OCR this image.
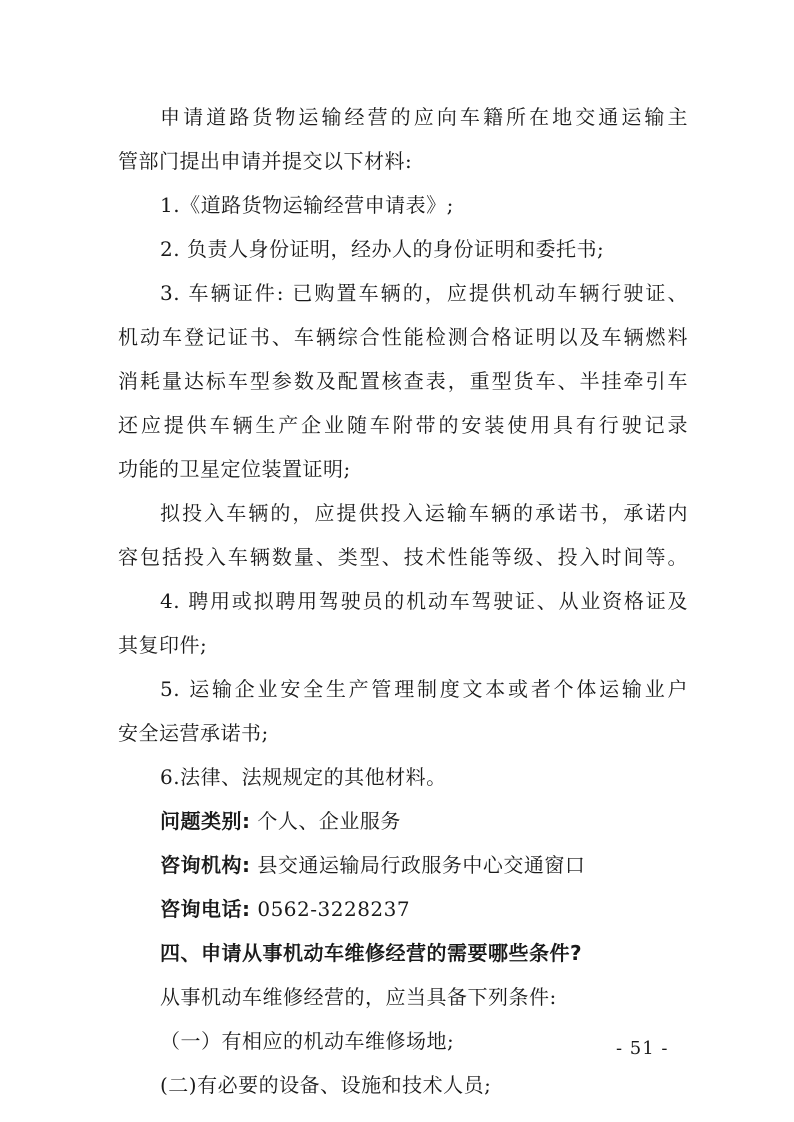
申请道路货物运输经营的应向车籍所在地交通运输主
管部门提出申请并提交以下材料:
1.《道路货物运输经营申请表》;
2. 负责人身份证明，经办人的身份证明和委托书;
3. 车辆证件: 已购置车辆的，应提供机动车辆行驶证、
机动车登记证书、车辆综合性能检测合格证明以及车辆燃料
消耗量达标车型参数及配置核查表，重型货车、半挂牵引车
还应提供车辆生产企业随车附带的安装使用具有行驶记录
功能的卫星定位装置证明;
拟投入车辆的，应提供投入运输车辆的承诺书，承诺内
容包括投入车辆数量、类型、技术性能等级、投入时间等。
4. 聘用或拟聘用驾驶员的机动车驾驶证、从业资格证及
其复印件;
5. 运输企业安全生产管理制度文本或者个体运输业户
安全运营承诺书;
6.法律、法规规定的其他材料。
问题类别: 个人、企业服务
咨询机构: 县交通运输局行政服务中心交通窗口
咨询电话: 0562-3228237
四、申请从事机动车维修经营的需要哪些条件?
从事机动车维修经营的，应当具备下列条件:
（一）有相应的机动车维修场地;
(二)有必要的设备、设施和技术人员;
- 51 -
